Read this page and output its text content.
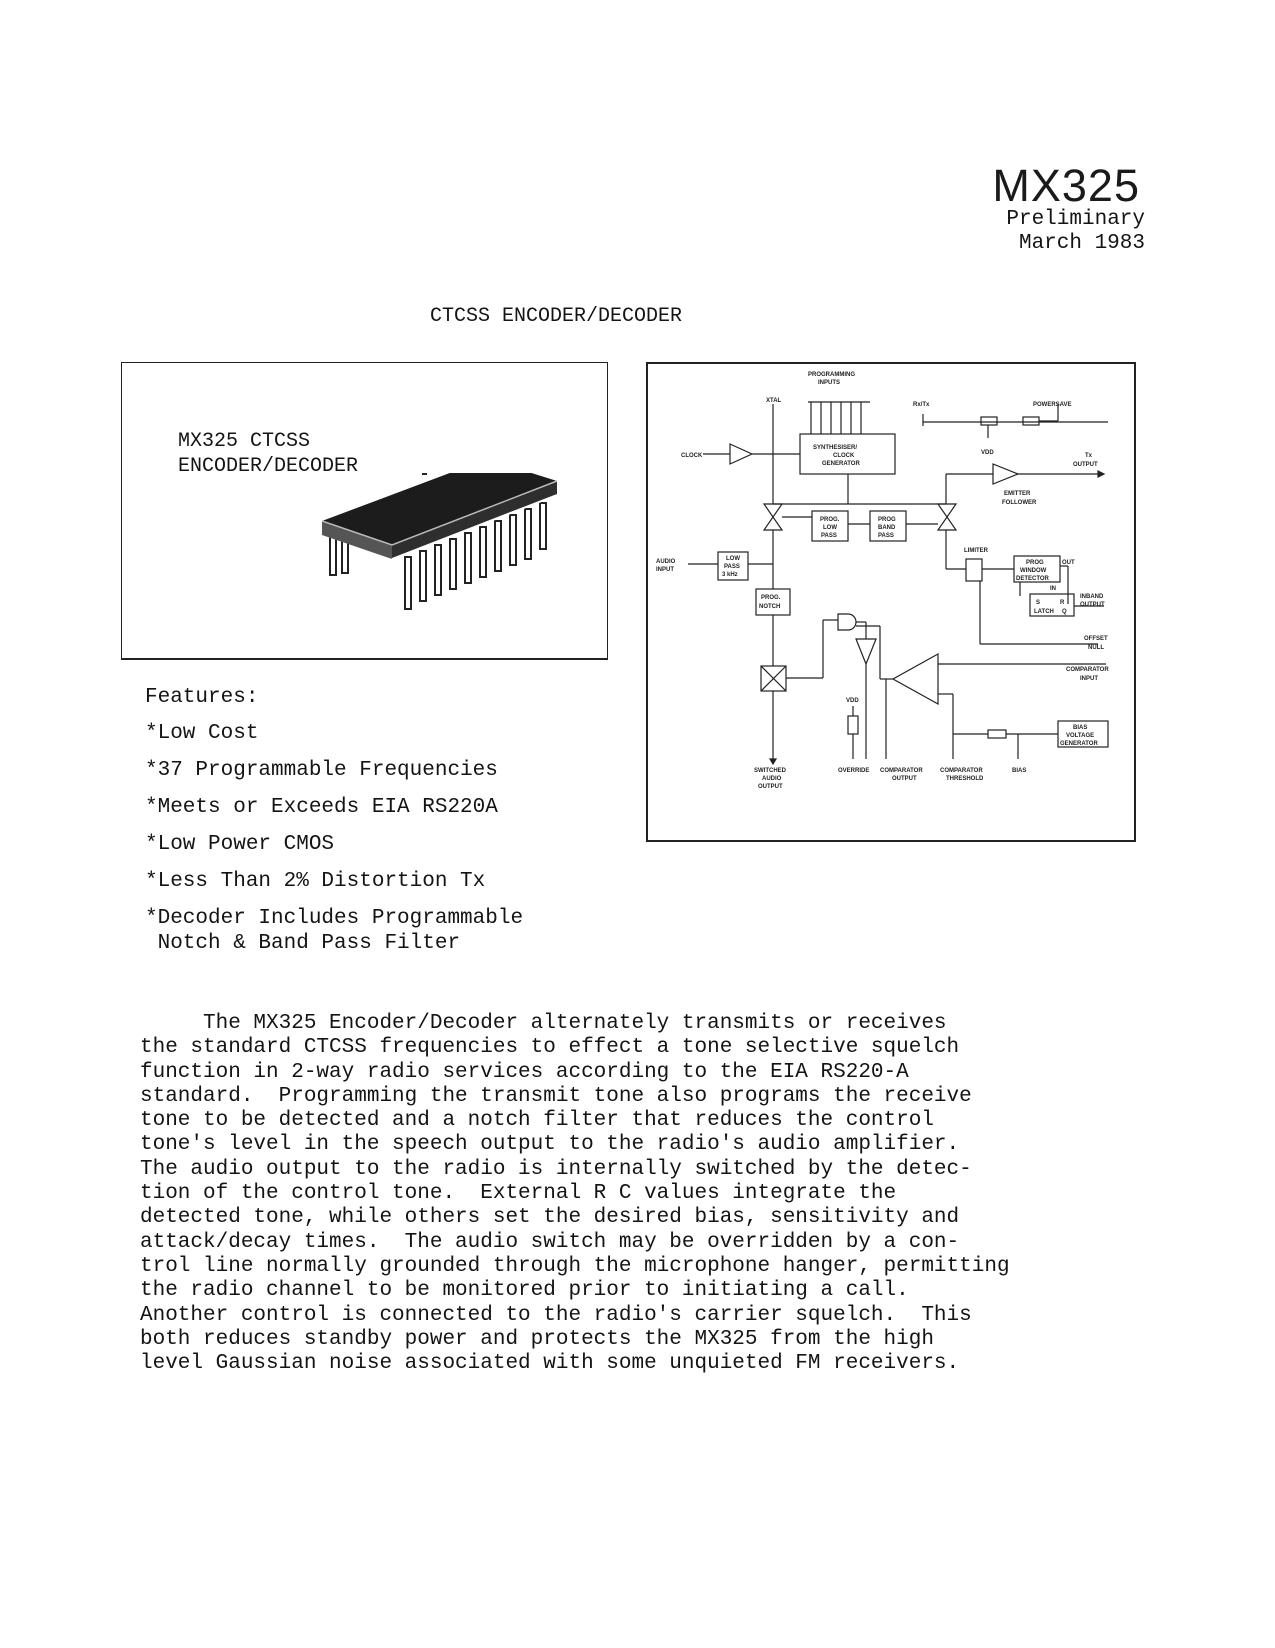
MX325
Preliminary
March 1983
CTCSS ENCODER/DECODER
MX325 CTCSS
ENCODER/DECODER
PROGRAMMING
INPUTS
XTAL
Rx/Tx	POWERSAVE
CLOCK
SYNTHESISER/
CLOCK
GENERATOR
VDD	Tx
OUTPUT
EMITTER
FOLLOWER
PROG.
LOW
PASS
PROG
BAND
PASS
AUDIO
INPUT
LOW
PASS
3 kHz
LIMITER
PROG
WINDOW
DETECTOR
OUT
IN
INBAND
OUTPUT
PROG.
NOTCH
S	R
LATCH Q
OFFSET
NULL
COMPARATOR
INPUT
VDD
BIAS
VOLTAGE
GENERATOR
SWITCHED
AUDIO
OUTPUT
OVERRIDE COMPARATOR
OUTPUT
COMPARATOR
THRESHOLD
BIAS
Features:
*Low Cost
*37 Programmable Frequencies
*Meets or Exceeds EIA RS220A
*Low Power CMOS
*Less Than 2% Distortion Tx
*Decoder Includes Programmable
Notch & Band Pass Filter
The MX325 Encoder/Decoder alternately transmits or receives
the standard CTCSS frequencies to effect a tone selective squelch
function in 2-way radio services according to the EIA RS220-A
standard.  Programming the transmit tone also programs the receive
tone to be detected and a notch filter that reduces the control
tone's level in the speech output to the radio's audio amplifier.
The audio output to the radio is internally switched by the detec-
tion of the control tone.  External R C values integrate the
detected tone, while others set the desired bias, sensitivity and
attack/decay times.  The audio switch may be overridden by a con-
trol line normally grounded through the microphone hanger, permitting
the radio channel to be monitored prior to initiating a call.
Another control is connected to the radio's carrier squelch.  This
both reduces standby power and protects the MX325 from the high
level Gaussian noise associated with some unquieted FM receivers.
